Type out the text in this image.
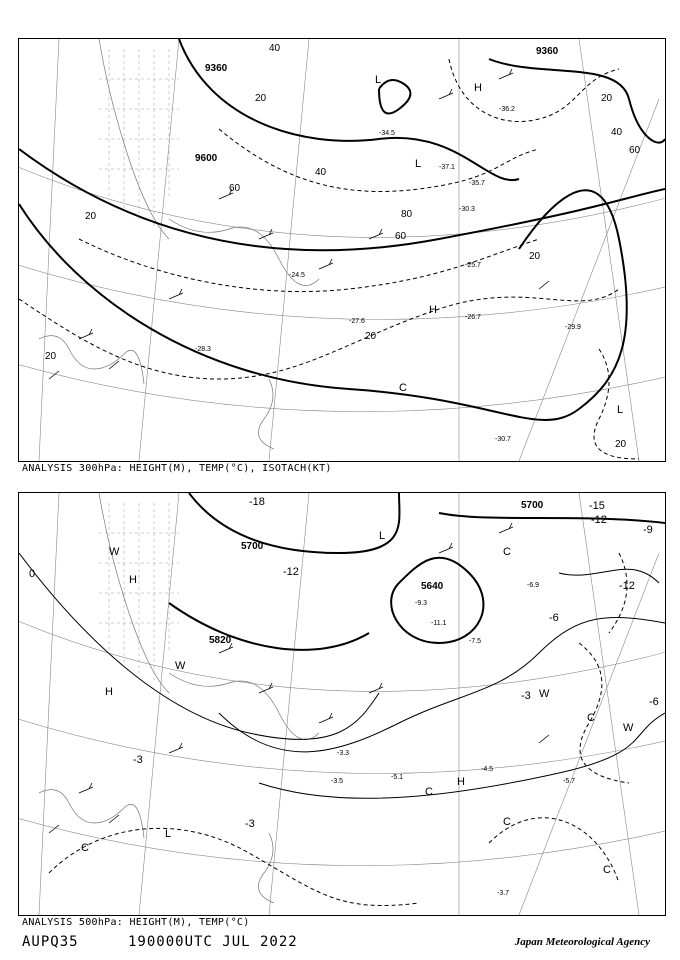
9360
9360
9600
20
40
40
60
60
60
80
40
20
20
20
20
20
20
-24.5
-25.7
-26.7
-27.6
-28.3
-29.9
-30.7
-34.5
-36.2
-37.1
-35.7
-30.3
H
H
L
L
C
L
ANALYSIS 300hPa: HEIGHT(M), TEMP(°C), ISOTACH(KT)
5700
5700
5820
5640
-18	-15
-12
-12
-12
-9
-6
-6
-3
-3
0
-3
-4.5
-3.7
-5.1
-3.3
-6.9
-7.5
-5.7
-9.3
-11.1
-3.5
H
H
H
L
L
W
W
W
W
C
C
C
C
C
C
ANALYSIS 500hPa: HEIGHT(M), TEMP(°C)
AUPQ35	190000UTC JUL 2022	Japan Meteorological Agency
